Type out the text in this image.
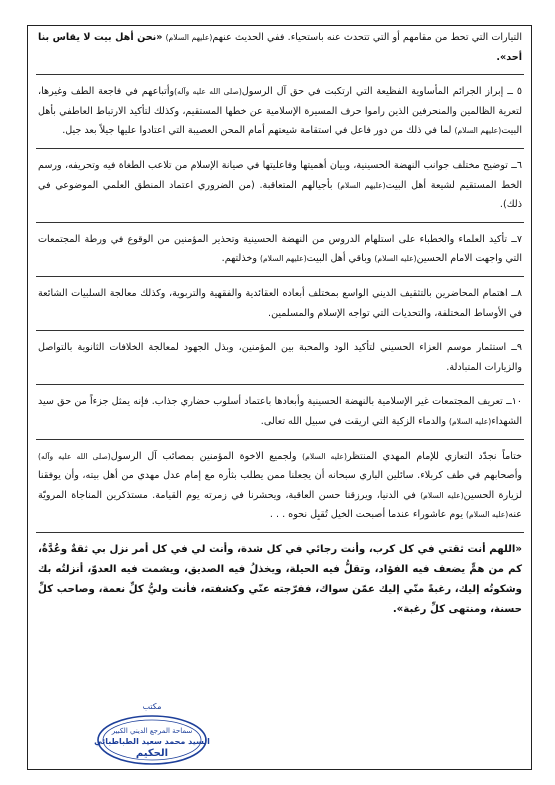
التيارات التي تحط من مقامهم أو التي تتحدث عنه باستحياء. ففي الحديث عنهم(عليهم السلام) «نحن أهل بيت لا يقاس بنا أحد».

٥ ــ إبراز الجرائم المأساوية الفظيعة التي ارتكبت في حق آل الرسول(صلى الله عليه وآله)وأتباعهم في فاجعة الطف وغيرها، لتعرية الظالمين والمنحرفين الذين راموا حرف المسيرة الإسلامية عن خطها المستقيم، وكذلك لتأكيد الارتباط العاطفي بأهل البيت(عليهم السلام) لما في ذلك من دور فاعل في استقامة شيعتهم أمام المحن العصيبة التي اعتادوا عليها جيلاً بعد جيل.

٦ــ توضيح مختلف جوانب النهضة الحسينية، وبيان أهميتها وفاعليتها في صيانة الإسلام من تلاعب الطغاة فيه وتحريفه، ورسم الخط المستقيم لشيعة أهل البيت(عليهم السلام) بأجيالهم المتعاقبة. (من الضروري اعتماد المنطق العلمي الموضوعي في ذلك).

٧ــ تأكيد العلماء والخطباء على استلهام الدروس من النهضة الحسينية وتحذير المؤمنين من الوقوع في ورطة المجتمعات التي واجهت الامام الحسين(عليه السلام) وباقي أهل البيت(عليهم السلام) وخذلتهم.

٨ــ اهتمام المحاضرين بالتثقيف الديني الواسع بمختلف أبعاده العقائدية والفقهية والتربوية، وكذلك معالجة السلبيات الشائعة في الأوساط المختلفة، والتحديات التي تواجه الإسلام والمسلمين.

٩ــ استثمار موسم العزاء الحسيني لتأكيد الود والمحبة بين المؤمنين، وبذل الجهود لمعالجة الخلافات الثانوية بالتواصل والزيارات المتبادلة.

١٠ــ تعريف المجتمعات غير الإسلامية بالنهضة الحسينية وأبعادها باعتماد أسلوب حضاري جذاب. فإنه يمثل جزءاً من حق سيد الشهداء(عليه السلام) والدماء الزكية التي اريقت في سبيل الله تعالى.

ختاماً نجدّد التعازي للإمام المهدي المنتظر(عليه السلام) ولجميع الاخوة المؤمنين بمصائب آل الرسول(صلى الله عليه وآله) وأصحابهم في طف كربلاء. سائلين الباري سبحانه أن يجعلنا ممن يطلب بثأره مع إمام عدل مهدي من أهل بيته، وأن يوفقنا لزيارة الحسين(عليه السلام) في الدنيا، ويرزقنا حسن العاقبة، ويحشرنا في زمرته يوم القيامة. مستذكرين المناجاة المرويّة عنه(عليه السلام) يوم عاشوراء عندما أصبحت الخيل تُقبِل نحوه . . .

«اللهم أنت ثقتي في كل كرب، وأنت رجائي في كل شدة، وأنت لي في كل أمر نزل بي ثقةٌ وعُدَّةٌ، كم من همٍّ يضعف فيه الفؤاد، وتقلُّ فيه الحيلة، ويخذلُ فيه الصديق، ويشمت فيه العدوّ، أنزلتُه بك وشكوتُه إليك، رغبةً منّي إليك عمّن سواك، ففرّجته عنّي وكشفته، فأنت وليُّ كلِّ نعمة، وصاحب كلِّ حسنة، ومنتهى كلِّ رغبة».

مكتب
سماحة المرجع الديني الكبير
السيد محمد سعيد الطباطبائي
الحكيم
